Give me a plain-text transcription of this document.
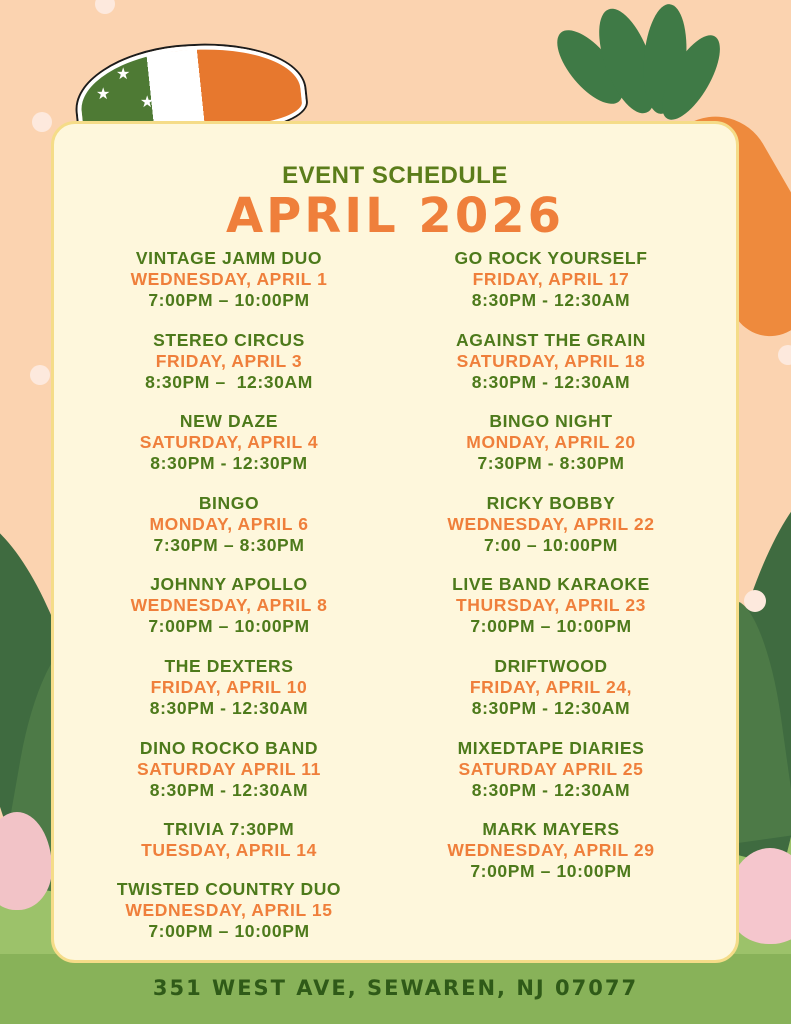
★
★ ★
EVENT SCHEDULE
APRIL 2026
VINTAGE JAMM DUO
WEDNESDAY, APRIL 1
7:00PM – 10:00PM
STEREO CIRCUS
FRIDAY, APRIL 3
8:30PM –  12:30AM
NEW DAZE
SATURDAY, APRIL 4
8:30PM - 12:30PM
BINGO
MONDAY, APRIL 6
7:30PM – 8:30PM
JOHNNY APOLLO
WEDNESDAY, APRIL 8
7:00PM – 10:00PM
THE DEXTERS
FRIDAY, APRIL 10
8:30PM - 12:30AM
DINO ROCKO BAND
SATURDAY APRIL 11
8:30PM - 12:30AM
TRIVIA 7:30PM
TUESDAY, APRIL 14
TWISTED COUNTRY DUO
WEDNESDAY, APRIL 15
7:00PM – 10:00PM
GO ROCK YOURSELF
FRIDAY, APRIL 17
8:30PM - 12:30AM
AGAINST THE GRAIN
SATURDAY, APRIL 18
8:30PM - 12:30AM
BINGO NIGHT
MONDAY, APRIL 20
7:30PM - 8:30PM
RICKY BOBBY
WEDNESDAY, APRIL 22
7:00 – 10:00PM
LIVE BAND KARAOKE
THURSDAY, APRIL 23
7:00PM – 10:00PM
DRIFTWOOD
FRIDAY, APRIL 24,
8:30PM - 12:30AM
MIXEDTAPE DIARIES
SATURDAY APRIL 25
8:30PM - 12:30AM
MARK MAYERS
WEDNESDAY, APRIL 29
7:00PM – 10:00PM
351 WEST AVE, SEWAREN, NJ 07077
